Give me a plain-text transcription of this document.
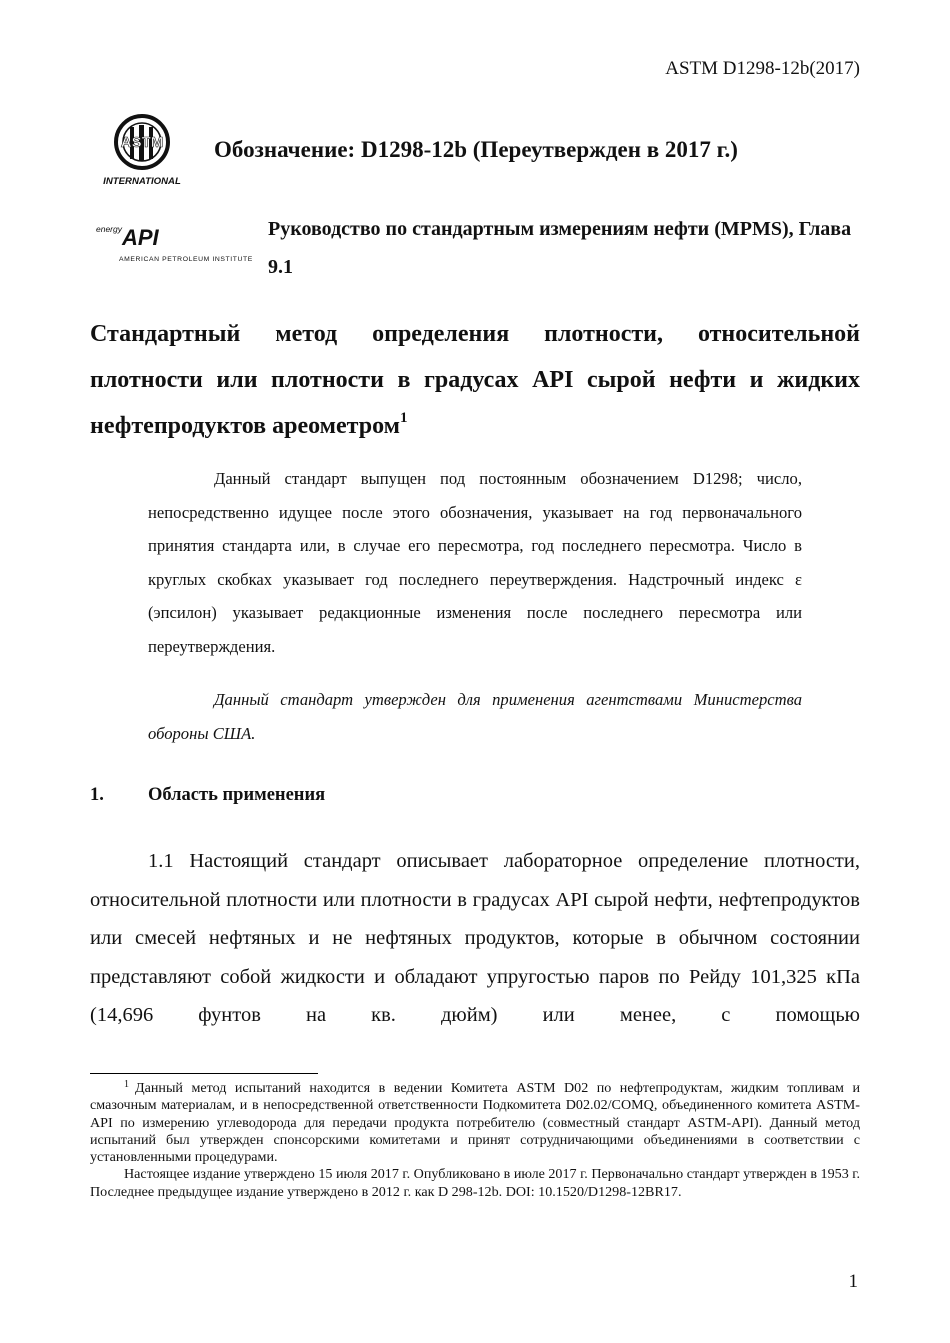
ASTM D1298-12b(2017)
ASTM
INTERNATIONAL
Обозначение: D1298-12b (Переутвержден в 2017 г.)
energy API
AMERICAN PETROLEUM INSTITUTE
Руководство по стандартным измерениям нефти (MPMS), Глава 9.1
Стандартный метод определения плотности, относительной плотности или плотности в градусах API сырой нефти и жидких нефтепродуктов ареометром$^1$
Данный стандарт выпущен под постоянным обозначением D1298; число, непосредственно идущее после этого обозначения, указывает на год первоначального принятия стандарта или, в случае его пересмотра, год последнего пересмотра. Число в круглых скобках указывает год последнего переутверждения. Надстрочный индекс ε (эпсилон) указывает редакционные изменения после последнего пересмотра или переутверждения.
Данный стандарт утвержден для применения агентствами Министерства обороны США.
1. Область применения

1.1 Настоящий стандарт описывает лабораторное определение плотности, относительной плотности или плотности в градусах API сырой нефти, нефтепродуктов или смесей нефтяных и не нефтяных продуктов, которые в обычном состоянии представляют собой жидкости и обладают упругостью паров по Рейду 101,325 кПа (14,696 фунтов на кв. дюйм) или менее, с помощью

$^1$ Данный метод испытаний находится в ведении Комитета ASTM D02 по нефтепродуктам, жидким топливам и смазочным материалам, и в непосредственной ответственности Подкомитета D02.02/COMQ, объединенного комитета ASTM-API по измерению углеводорода для передачи продукта потребителю (совместный стандарт ASTM-API). Данный метод испытаний был утвержден спонсорскими комитетами и принят сотрудничающими объединениями в соответствии с установленными процедурами.

Настоящее издание утверждено 15 июля 2017 г. Опубликовано в июле 2017 г. Первоначально стандарт утвержден в 1953 г. Последнее предыдущее издание утверждено в 2012 г. как D 298-12b. DOI: 10.1520/D1298-12BR17.

1
